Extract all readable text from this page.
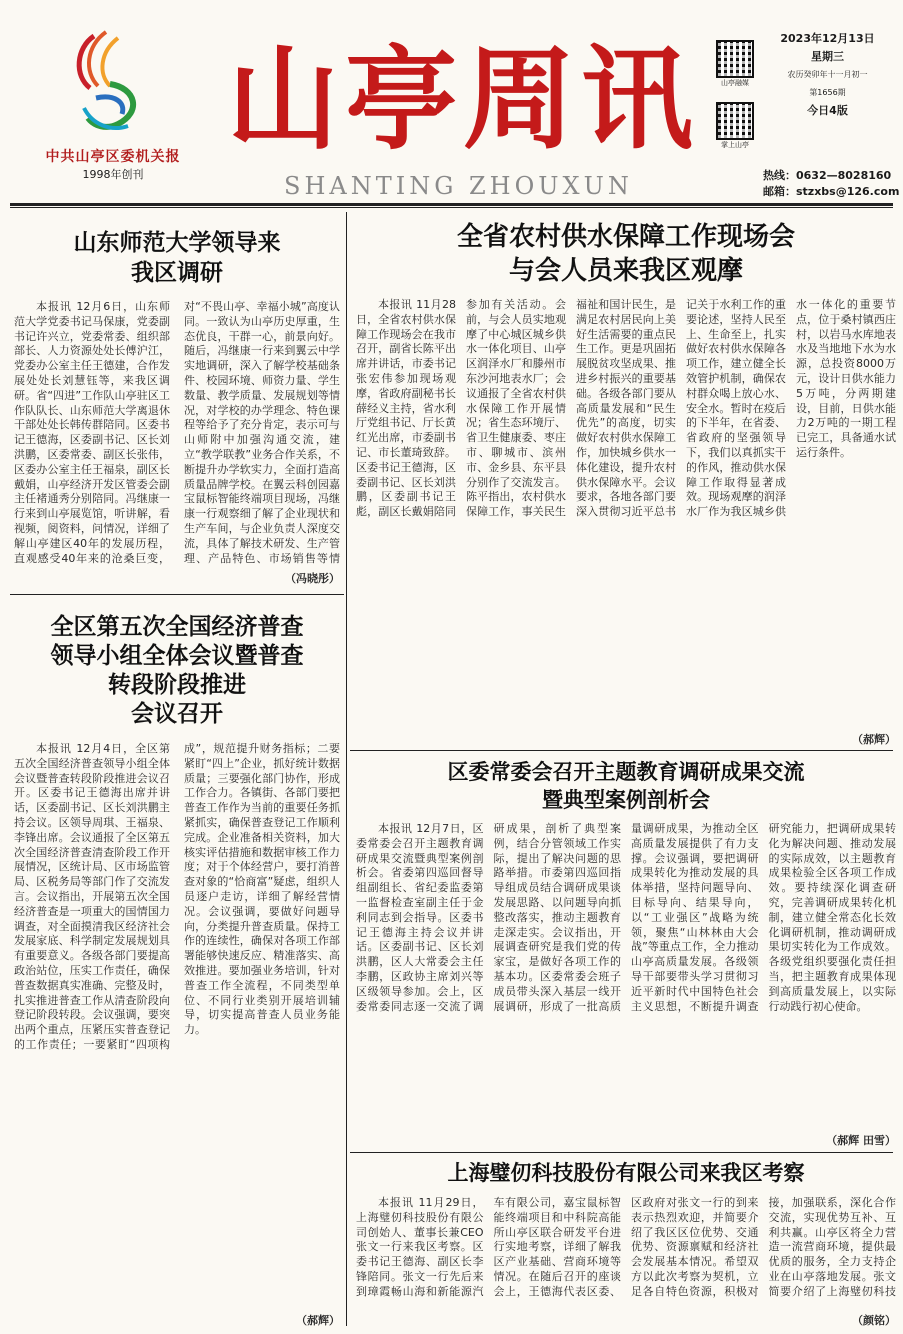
中共山亭区委机关报
1998年创刊
山亭周讯
SHANTING ZHOUXUN
山亭融媒
掌上山亭
2023年12月13日
星期三
农历癸卯年十一月初一
第1656期
今日4版
热线：0632—8028160
邮箱：stzxbs@126.com
山东师范大学领导来
我区调研

本报讯 12月6日，山东师范大学党委书记马保康，党委副书记许兴立，党委常委、组织部部长、人力资源处处长傅沪江，党委办公室主任王德建，合作发展处处长刘慧钰等，来我区调研。省“四进”工作队山亭驻区工作队队长、山东师范大学离退休干部处处长韩传群陪同。区委书记王德海，区委副书记、区长刘洪鹏，区委常委、副区长张伟，区委办公室主任王福泉，副区长戴娟，山亭经济开发区管委会副主任褚通秀分别陪同。冯继康一行来到山亭展览馆，听讲解，看视频，阅资料，问情况，详细了解山亭建区40年的发展历程，直观感受40年来的沧桑巨变，对“不畏山亭、幸福小城”高度认同。一致认为山亭历史厚重，生态优良，干群一心，前景向好。随后，冯继康一行来到翼云中学实地调研，深入了解学校基础条件、校园环境、师资力量、学生数量、教学质量、发展规划等情况，对学校的办学理念、特色课程等给予了充分肯定，表示可与山师附中加强沟通交流，建立“教学联教”业务合作关系，不断提升办学软实力，全面打造高质量品牌学校。在翼云科创园嘉宝鼠标智能终端项目现场，冯继康一行观察细了解了企业现状和生产车间，与企业负责人深度交流，具体了解技术研发、生产管理、产品特色、市场销售等情

（冯晓彤）
全省农村供水保障工作现场会
与会人员来我区观摩

本报讯 11月28日，全省农村供水保障工作现场会在我市召开，副省长陈平出席并讲话，市委书记张宏伟参加现场观摩，省政府副秘书长薛经义主持，省水利厅党组书记、厅长黄红光出席，市委副书记、市长董琦致辞。区委书记王德海，区委副书记、区长刘洪鹏，区委副书记王彪，副区长戴娟陪同参加有关活动。会前，与会人员实地观摩了中心城区城乡供水一体化项目、山亭区润泽水厂和滕州市东沙河地表水厂；会议通报了全省农村供水保障工作开展情况；省生态环境厅、省卫生健康委、枣庄市、聊城市、滨州市、金乡县、东平县分别作了交流发言。陈平指出，农村供水保障工作，事关民生福祉和国计民生，是满足农村居民向上美好生活需要的重点民生工作。更是巩固拓展脱贫攻坚成果、推进乡村振兴的重要基础。各级各部门要从高质量发展和“民生优先”的高度，切实做好农村供水保障工作，加快城乡供水一体化建设，提升农村供水保障水平。会议要求，各地各部门要深入贯彻习近平总书记关于水利工作的重要论述，坚持人民至上、生命至上，扎实做好农村供水保障各项工作，建立健全长效管护机制，确保农村群众喝上放心水、安全水。暂时在疫后的下半年，在省委、省政府的坚强领导下，我们以真抓实干的作风，推动供水保障工作取得显著成效。现场观摩的润泽水厂作为我区城乡供水一体化的重要节点，位于桑村镇西庄村，以岩马水库地表水及当地地下水为水源，总投资8000万元，设计日供水能力5万吨，分两期建设，目前，日供水能力2万吨的一期工程已完工，具备通水试运行条件。

（郝辉）
全区第五次全国经济普查
领导小组全体会议暨普查
转段阶段推进
会议召开

本报讯 12月4日，全区第五次全国经济普查领导小组全体会议暨普查转段阶段推进会议召开。区委书记王德海出席并讲话，区委副书记、区长刘洪鹏主持会议。区领导周琪、王福泉、李锋出席。会议通报了全区第五次全国经济普查清查阶段工作开展情况，区统计局、区市场监管局、区税务局等部门作了交流发言。会议指出，开展第五次全国经济普查是一项重大的国情国力调查，对全面摸清我区经济社会发展家底、科学制定发展规划具有重要意义。各级各部门要提高政治站位，压实工作责任，确保普查数据真实准确、完整及时，扎实推进普查工作从清查阶段向登记阶段转段。会议强调，要突出两个重点，压紧压实普查登记的工作责任；一要紧盯“四项构成”，规范提升财务指标；二要紧盯“四上”企业，抓好统计数据质量；三要强化部门协作，形成工作合力。各镇街、各部门要把普查工作作为当前的重要任务抓紧抓实，确保普查登记工作顺利完成。企业准备相关资料，加大核实评估措施和数据审核工作力度；对于个体经营户，要打消普查对象的“恰商富”疑虑，组织人员逐户走访，详细了解经营情况。会议强调，要做好问题导向，分类提升普查质量。保持工作的连续性，确保对各项工作部署能够快速反应、精准落实、高效推进。要加强业务培训，针对普查工作全流程，不同类型单位、不同行业类别开展培训辅导，切实提高普查人员业务能力。

（郝辉）
区委常委会召开主题教育调研成果交流
暨典型案例剖析会

本报讯 12月7日，区委常委会召开主题教育调研成果交流暨典型案例剖析会。省委第四巡回督导组副组长、省纪委监委第一监督检查室副主任于金利同志到会指导。区委书记王德海主持会议并讲话。区委副书记、区长刘洪鹏，区人大常委会主任李鹏，区政协主席刘兴等区级领导参加。会上，区委常委同志逐一交流了调研成果，剖析了典型案例，结合分管领域工作实际，提出了解决问题的思路举措。市委第四巡回指导组成员结合调研成果谈发展思路、以问题导向抓整改落实，推动主题教育走深走实。会议指出，开展调查研究是我们党的传家宝，是做好各项工作的基本功。区委常委会班子成员带头深入基层一线开展调研，形成了一批高质量调研成果，为推动全区高质量发展提供了有力支撑。会议强调，要把调研成果转化为推动发展的具体举措，坚持问题导向、目标导向、结果导向，以“工业强区”战略为统领，聚焦“山林林由大会战”等重点工作，全力推动山亭高质量发展。各级领导干部要带头学习贯彻习近平新时代中国特色社会主义思想，不断提升调查研究能力，把调研成果转化为解决问题、推动发展的实际成效，以主题教育成果检验全区各项工作成效。要持续深化调查研究，完善调研成果转化机制，建立健全常态化长效化调研机制，推动调研成果切实转化为工作成效。各级党组织要强化责任担当，把主题教育成果体现到高质量发展上，以实际行动践行初心使命。

（郝辉 田雪）
上海璧仞科技股份有限公司来我区考察

本报讯 11月29日，上海璧仞科技股份有限公司创始人、董事长兼CEO张文一行来我区考察。区委书记王德海、副区长李锋陪同。张文一行先后来到璋霞畅山海和新能源汽车有限公司，嘉宝鼠标智能终端项目和中科院高能所山亭区联合研发平台进行实地考察，详细了解我区产业基础、营商环境等情况。在随后召开的座谈会上，王德海代表区委、区政府对张文一行的到来表示热烈欢迎，并简要介绍了我区区位优势、交通优势、资源禀赋和经济社会发展基本情况。希望双方以此次考察为契机，立足各自特色资源，积极对接，加强联系，深化合作交流，实现优势互补、互利共赢。山亭区将全力营造一流营商环境，提供最优质的服务，全力支持企业在山亭落地发展。张文简要介绍了上海璧仞科技

（颜铭）
